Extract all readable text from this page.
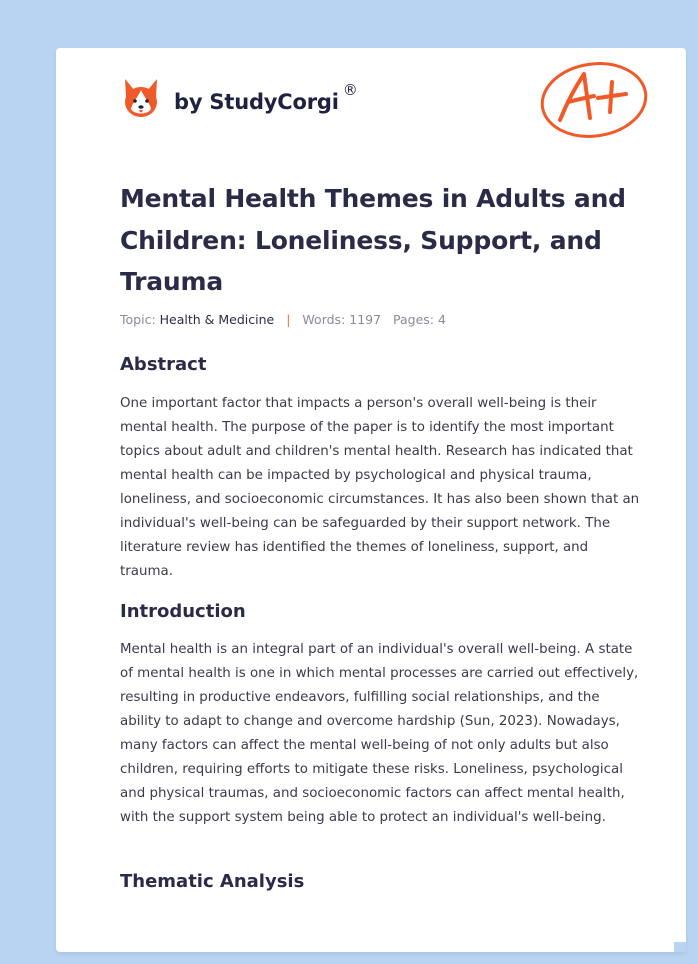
by StudyCorgi ®
Mental Health Themes in Adults and Children: Loneliness, Support, and Trauma
Topic: Health & Medicine | Words: 1197 Pages: 4
Abstract

One important factor that impacts a person's overall well-being is their mental health. The purpose of the paper is to identify the most important topics about adult and children's mental health. Research has indicated that mental health can be impacted by psychological and physical trauma, loneliness, and socioeconomic circumstances. It has also been shown that an individual's well-being can be safeguarded by their support network. The literature review has identified the themes of loneliness, support, and trauma.

Introduction

Mental health is an integral part of an individual's overall well-being. A state of mental health is one in which mental processes are carried out effectively, resulting in productive endeavors, fulfilling social relationships, and the ability to adapt to change and overcome hardship (Sun, 2023). Nowadays, many factors can affect the mental well-being of not only adults but also children, requiring efforts to mitigate these risks. Loneliness, psychological and physical traumas, and socioeconomic factors can affect mental health, with the support system being able to protect an individual's well-being.

Thematic Analysis
